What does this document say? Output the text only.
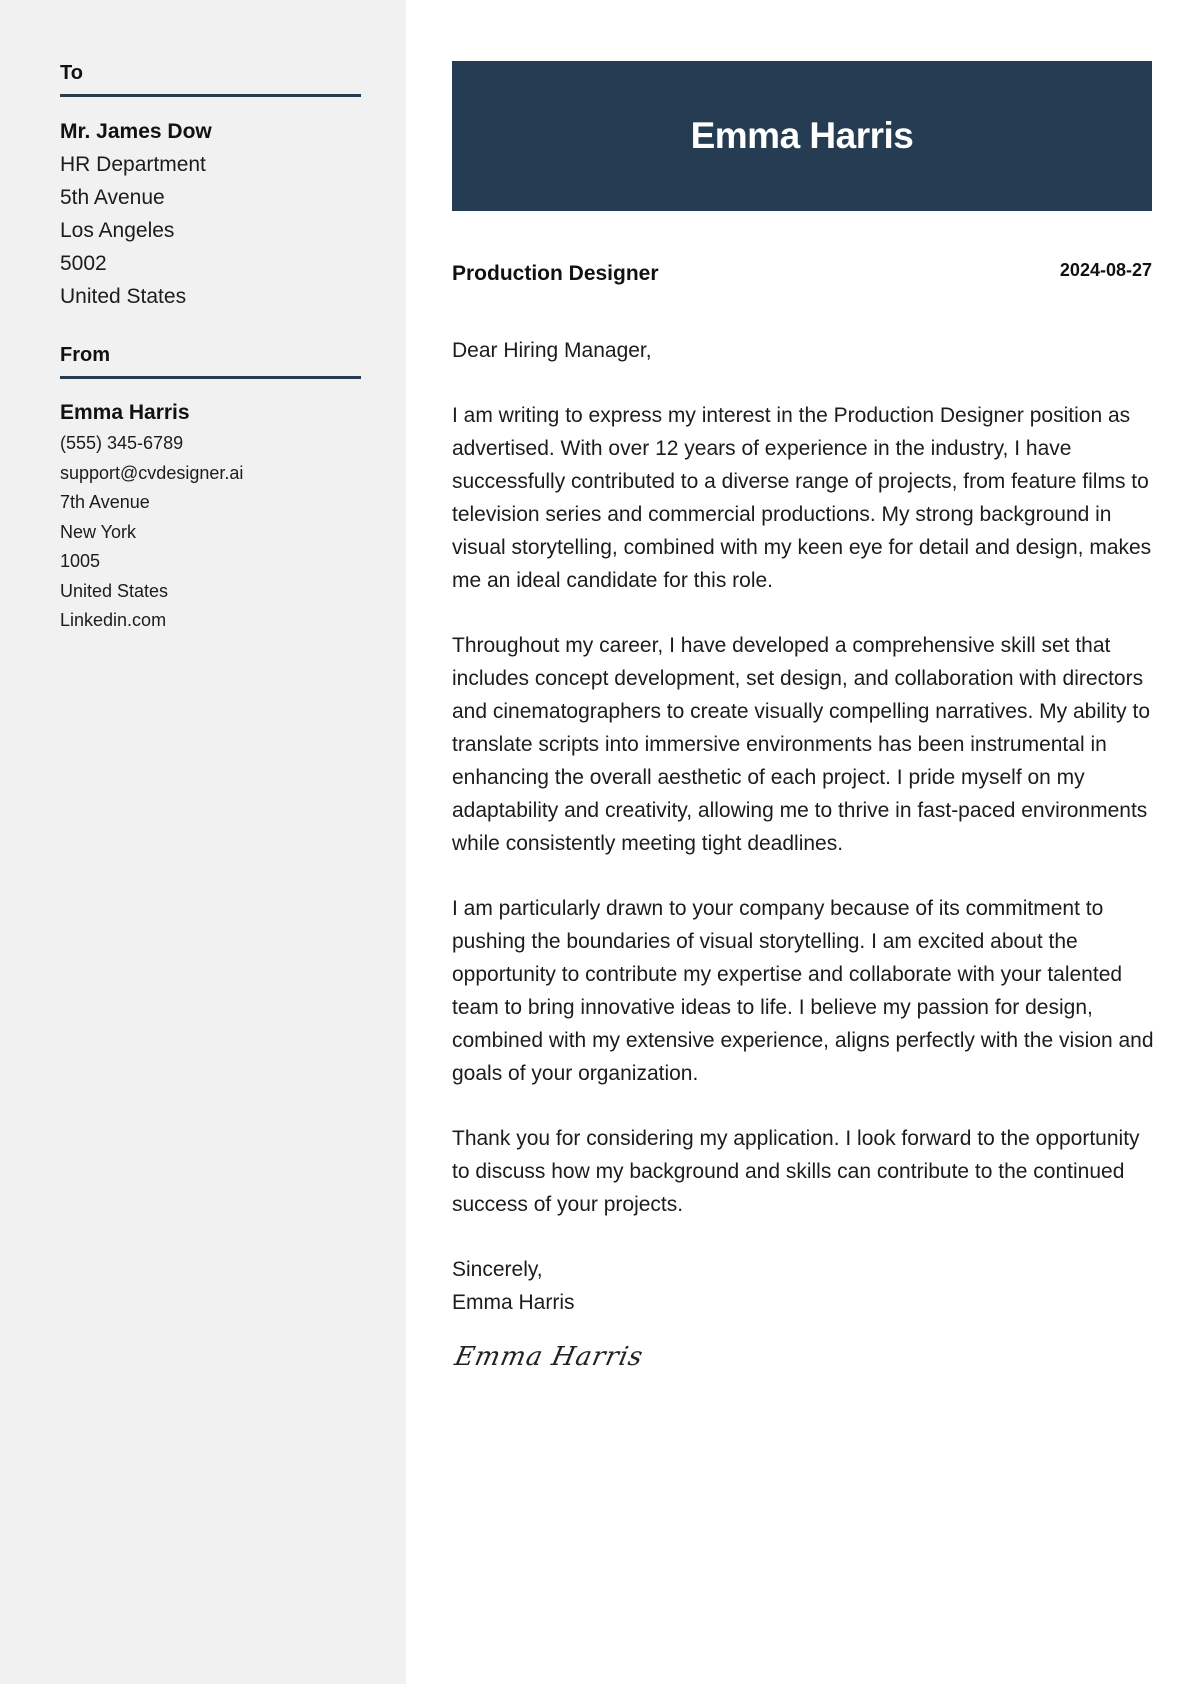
To
Mr. James Dow
HR Department
5th Avenue
Los Angeles
5002
United States
From
Emma Harris
(555) 345-6789
support@cvdesigner.ai
7th Avenue
New York
1005
United States
Linkedin.com
Emma Harris
Production Designer	2024-08-27

Dear Hiring Manager,

I am writing to express my interest in the Production Designer position as advertised. With over 12 years of experience in the industry, I have successfully contributed to a diverse range of projects, from feature films to television series and commercial productions. My strong background in visual storytelling, combined with my keen eye for detail and design, makes me an ideal candidate for this role.

Throughout my career, I have developed a comprehensive skill set that includes concept development, set design, and collaboration with directors and cinematographers to create visually compelling narratives. My ability to translate scripts into immersive environments has been instrumental in enhancing the overall aesthetic of each project. I pride myself on my adaptability and creativity, allowing me to thrive in fast-paced environments while consistently meeting tight deadlines.

I am particularly drawn to your company because of its commitment to pushing the boundaries of visual storytelling. I am excited about the opportunity to contribute my expertise and collaborate with your talented team to bring innovative ideas to life. I believe my passion for design, combined with my extensive experience, aligns perfectly with the vision and goals of your organization.

Thank you for considering my application. I look forward to the opportunity to discuss how my background and skills can contribute to the continued success of your projects.

Sincerely,
Emma Harris
Emma Harris
